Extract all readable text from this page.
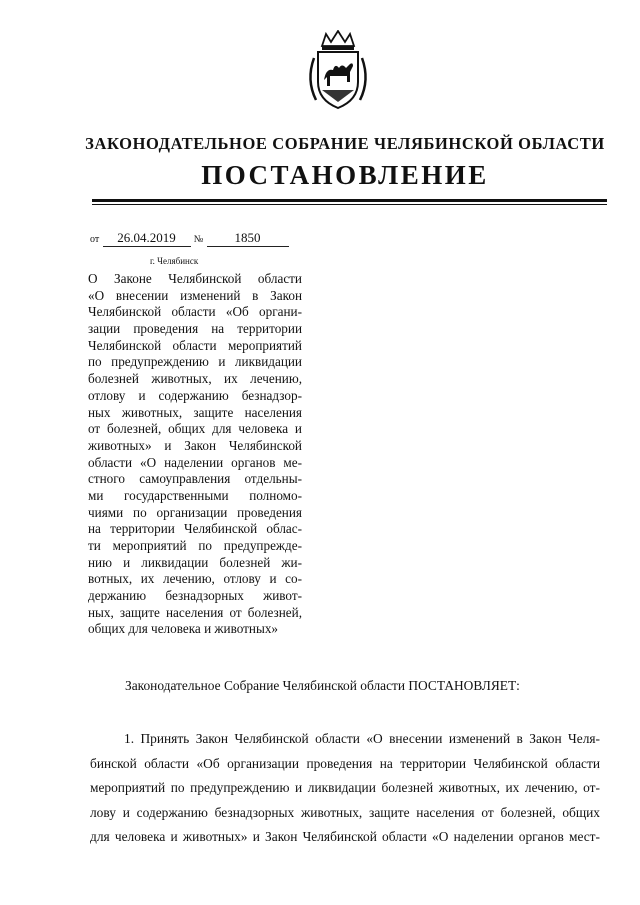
ЗАКОНОДАТЕЛЬНОЕ СОБРАНИЕ ЧЕЛЯБИНСКОЙ ОБЛАСТИ
ПОСТАНОВЛЕНИЕ
от 26.04.2019 № 1850
г. Челябинск
О Законе Челябинской области
«О внесении изменений в Закон
Челябинской области «Об органи-
зации проведения на территории
Челябинской области мероприятий
по предупреждению и ликвидации
болезней животных, их лечению,
отлову и содержанию безнадзор-
ных животных, защите населения
от болезней, общих для человека и
животных» и Закон Челябинской
области «О наделении органов ме-
стного самоуправления отдельны-
ми государственными полномо-
чиями по организации проведения
на территории Челябинской облас-
ти мероприятий по предупрежде-
нию и ликвидации болезней жи-
вотных, их лечению, отлову и со-
держанию безнадзорных живот-
ных, защите населения от болезней,
общих для человека и животных»
Законодательное Собрание Челябинской области ПОСТАНОВЛЯЕТ:
1. Принять Закон Челябинской области «О внесении изменений в Закон Челя-
бинской области «Об организации проведения на территории Челябинской области
мероприятий по предупреждению и ликвидации болезней животных, их лечению, от-
лову и содержанию безнадзорных животных, защите населения от болезней, общих
для человека и животных» и Закон Челябинской области «О наделении органов мест-
